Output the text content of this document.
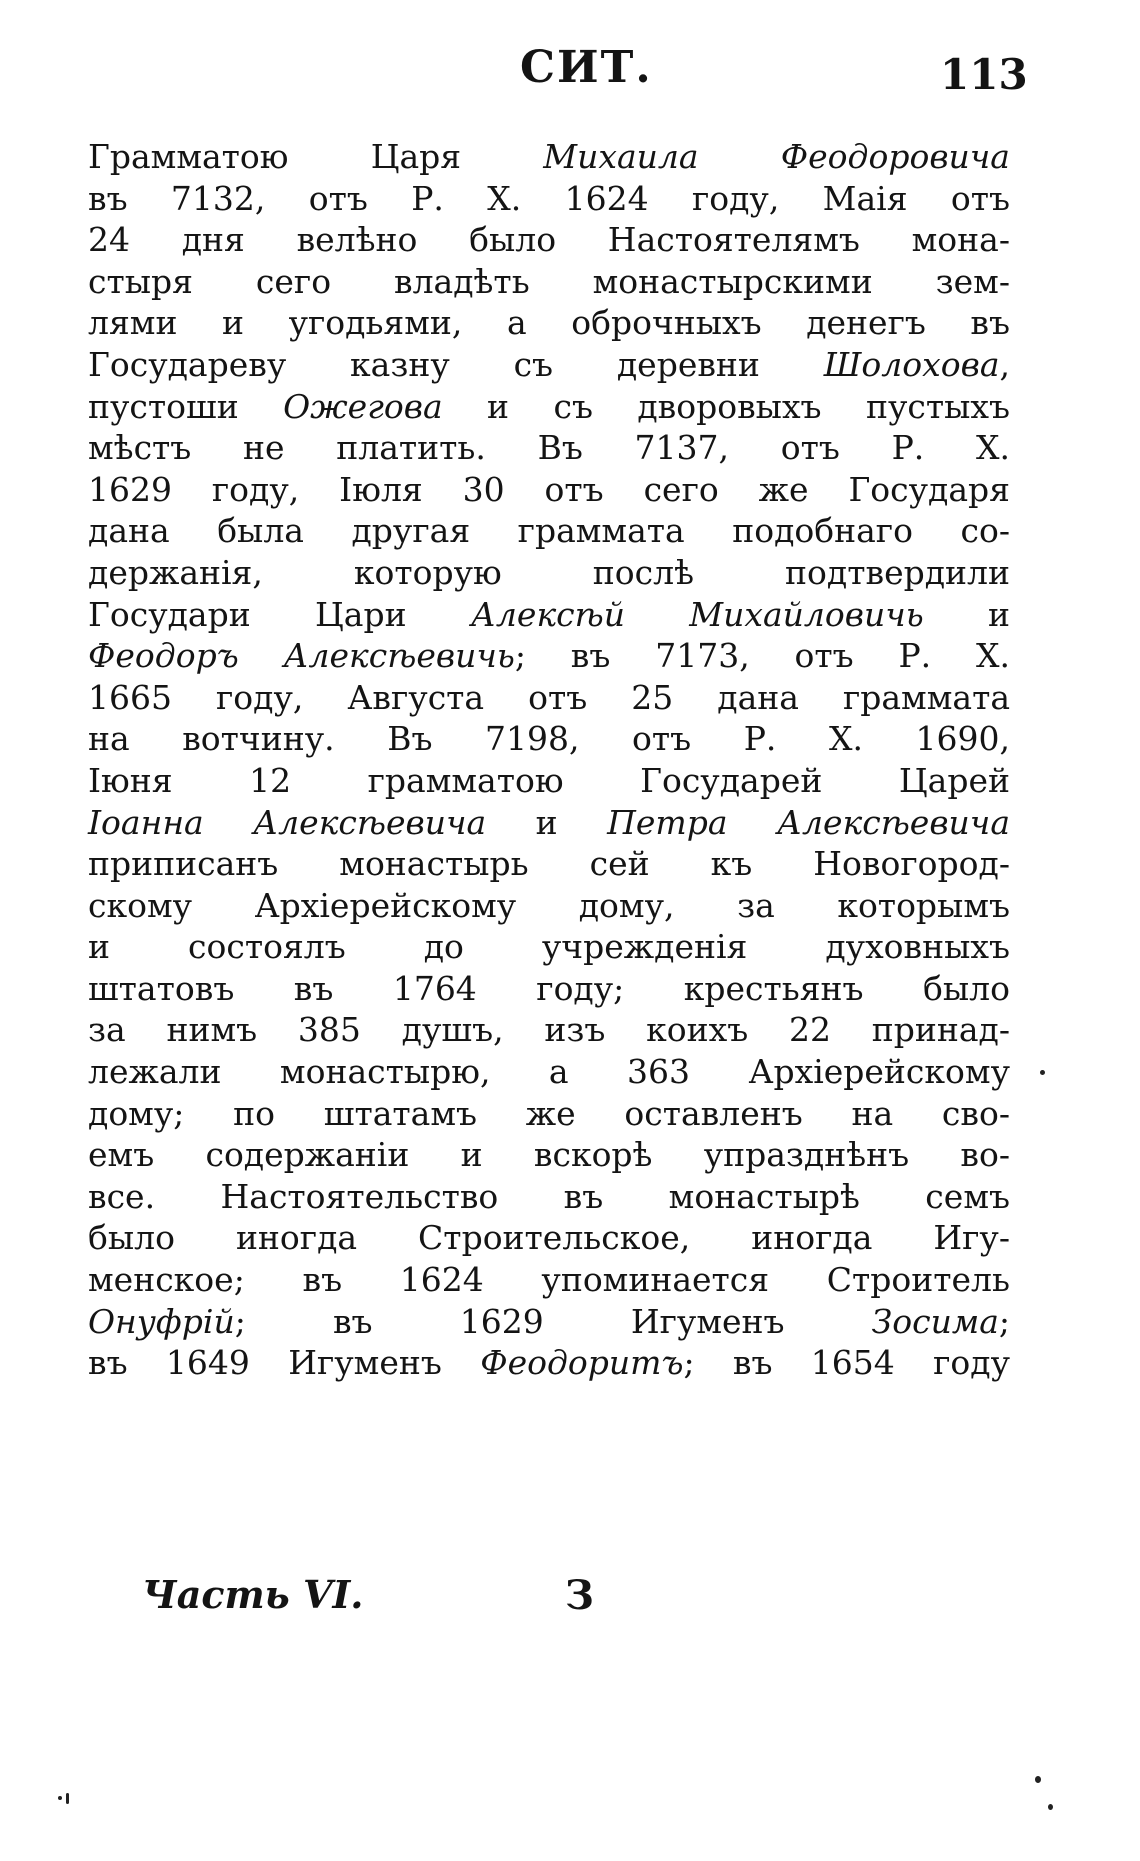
СИТ.	113
Грамматою Царя Михаила Феодоровича
въ 7132, отъ Р. Х. 1624 году, Маія отъ
24 дня велѣно было Настоятелямъ мона-
стыря сего владѣть монастырскими зем-
лями и угодьями, а оброчныхъ денегъ въ
Государеву казну съ деревни Шолохова,
пустоши Ожегова и съ дворовыхъ пустыхъ
мѣстъ не платить. Въ 7137, отъ Р. Х.
1629 году, Іюля 30 отъ сего же Государя
дана была другая граммата подобнаго со-
держанія, которую послѣ подтвердили
Государи Цари Алексѣй Михайловичь и
Феодоръ Алексѣевичь; въ 7173, отъ Р. Х.
1665 году, Августа отъ 25 дана граммата
на вотчину. Въ 7198, отъ Р. Х. 1690,
Іюня 12 грамматою Государей Царей
Іоанна Алексѣевича и Петра Алексѣевича
приписанъ монастырь сей къ Новогород-
скому Архіерейскому дому, за которымъ
и состоялъ до учрежденія духовныхъ
штатовъ въ 1764 году; крестьянъ было
за нимъ 385 душъ, изъ коихъ 22 принад-
лежали монастырю, а 363 Архіерейскому
дому; по штатамъ же оставленъ на сво-
емъ содержаніи и вскорѣ упразднѣнъ во-
все. Настоятельство въ монастырѣ семъ
было иногда Строительское, иногда Игу-
менское; въ 1624 упоминается Строитель
Онуфрій; въ 1629 Игуменъ Зосима;
въ 1649 Игуменъ Феодоритъ; въ 1654 году
Часть VI.	З
